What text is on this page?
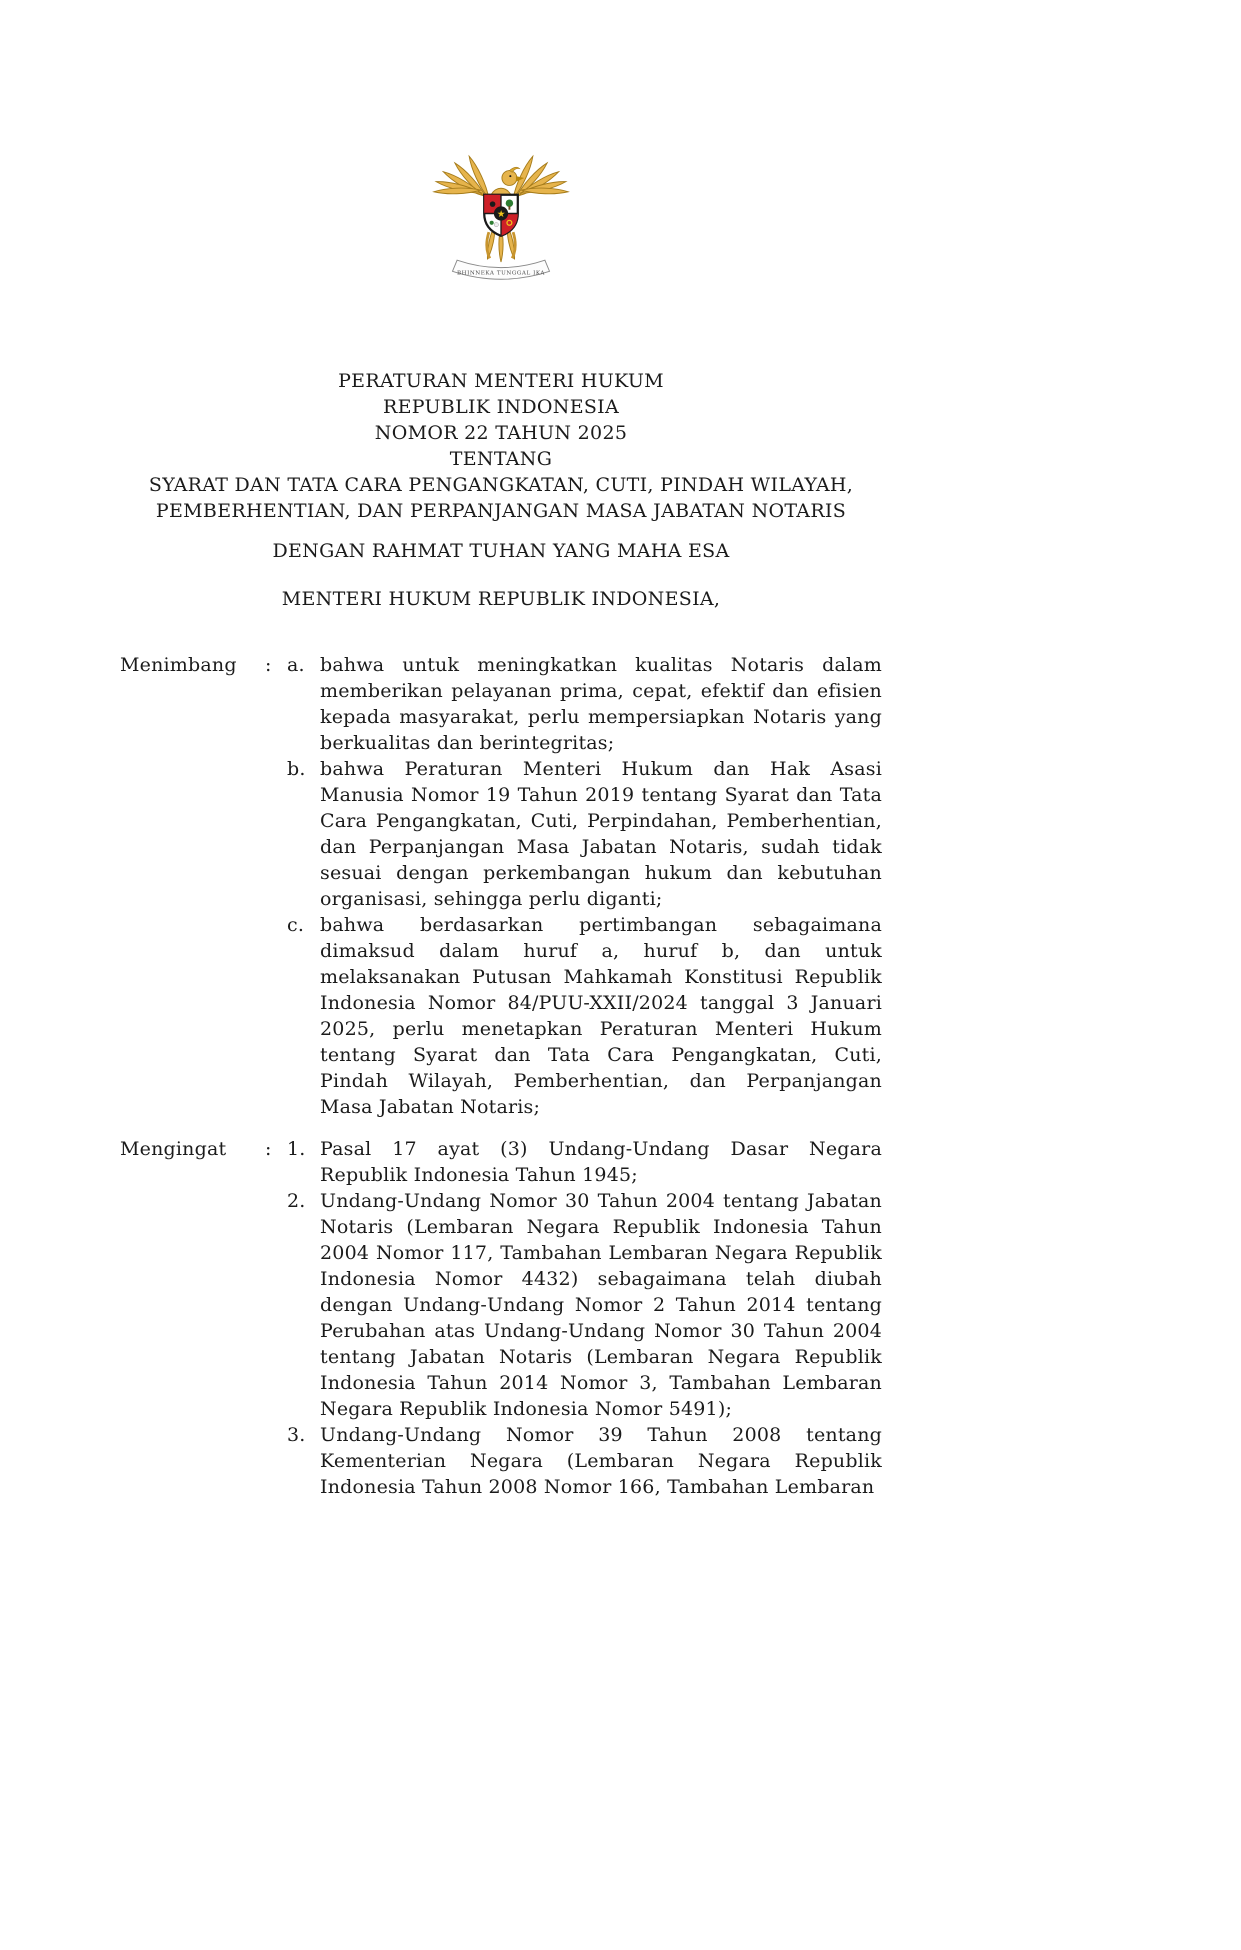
★
BHINNEKA TUNGGAL IKA
PERATURAN MENTERI HUKUM
REPUBLIK INDONESIA
NOMOR 22 TAHUN 2025
TENTANG
SYARAT DAN TATA CARA PENGANGKATAN, CUTI, PINDAH WILAYAH,
PEMBERHENTIAN, DAN PERPANJANGAN MASA JABATAN NOTARIS
DENGAN RAHMAT TUHAN YANG MAHA ESA
MENTERI HUKUM REPUBLIK INDONESIA,
Menimbang	: a. bahwa untuk meningkatkan kualitas Notaris dalam memberikan pelayanan prima, cepat, efektif dan efisien kepada masyarakat, perlu mempersiapkan Notaris yang berkualitas dan berintegritas;
b. bahwa Peraturan Menteri Hukum dan Hak Asasi Manusia Nomor 19 Tahun 2019 tentang Syarat dan Tata Cara Pengangkatan, Cuti, Perpindahan, Pemberhentian, dan Perpanjangan Masa Jabatan Notaris, sudah tidak sesuai dengan perkembangan hukum dan kebutuhan organisasi, sehingga perlu diganti;
c. bahwa berdasarkan pertimbangan sebagaimana dimaksud dalam huruf a, huruf b, dan untuk melaksanakan Putusan Mahkamah Konstitusi Republik Indonesia Nomor 84/PUU-XXII/2024 tanggal 3 Januari 2025, perlu menetapkan Peraturan Menteri Hukum tentang Syarat dan Tata Cara Pengangkatan, Cuti, Pindah Wilayah, Pemberhentian, dan Perpanjangan Masa Jabatan Notaris;
Mengingat	: 1. Pasal 17 ayat (3) Undang-Undang Dasar Negara Republik Indonesia Tahun 1945;
2. Undang-Undang Nomor 30 Tahun 2004 tentang Jabatan Notaris (Lembaran Negara Republik Indonesia Tahun 2004 Nomor 117, Tambahan Lembaran Negara Republik Indonesia Nomor 4432) sebagaimana telah diubah dengan Undang-Undang Nomor 2 Tahun 2014 tentang Perubahan atas Undang-Undang Nomor 30 Tahun 2004 tentang Jabatan Notaris (Lembaran Negara Republik Indonesia Tahun 2014 Nomor 3, Tambahan Lembaran Negara Republik Indonesia Nomor 5491);
3. Undang-Undang Nomor 39 Tahun 2008 tentang Kementerian Negara (Lembaran Negara Republik Indonesia Tahun 2008 Nomor 166, Tambahan Lembaran
